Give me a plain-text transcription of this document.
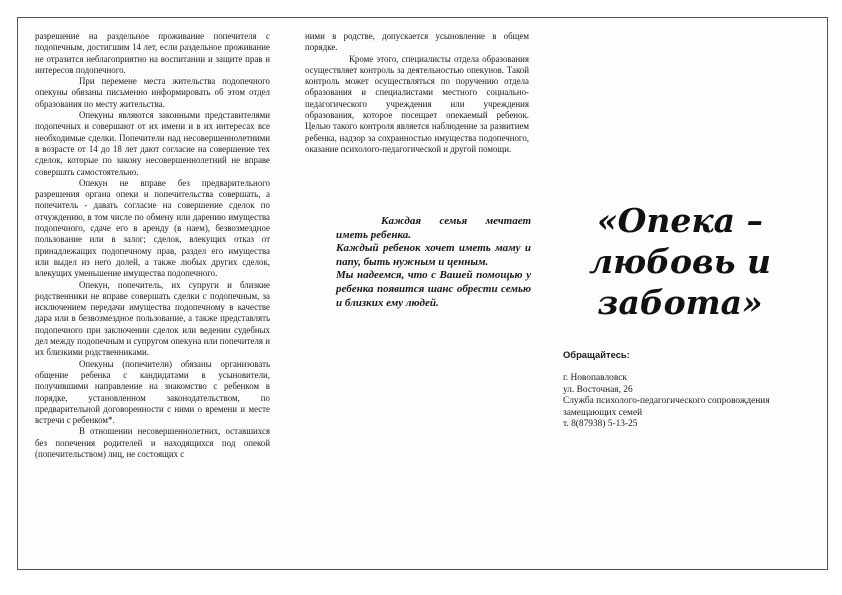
разрешение на раздельное проживание попечителя с подопечным, достигшим 14 лет, если раздельное проживание не отразится неблагоприятно на воспитании и защите прав и интересов подопечного.

При перемене места жительства подопечного опекуны обязаны письменно информировать об этом отдел образования по месту жительства.

Опекуны являются законными представителями подопечных и совершают от их имени и в их интересах все необходимые сделки. Попечители над несовершеннолетними в возрасте от 14 до 18 лет дают согласие на совершение тех сделок, которые по закону несовершеннолетний не вправе совершать самостоятельно.

Опекун не вправе без предварительного разрешения органа опеки и попечительства совершать, а попечитель - давать согласие на совершение сделок по отчуждению, в том числе по обмену или дарению имущества подопечного, сдаче его в аренду (в наем), безвозмездное пользование или в залог; сделок, влекущих отказ от принадлежащих подопечному прав, раздел его имущества или выдел из него долей, а также любых других сделок, влекущих уменьшение имущества подопечного.

Опекун, попечитель, их супруги и близкие родственники не вправе совершать сделки с подопечным, за исключением передачи имущества подопечному в качестве дара или в безвозмездное пользование, а также представлять подопечного при заключении сделок или ведении судебных дел между подопечным и супругом опекуна или попечителя и их близкими родственниками.

Опекуны (попечители) обязаны организовать общение ребенка с кандидатами в усыновители, получившими направление на знакомство с ребенком в порядке, установленном законодательством, по предварительной договоренности с ними о времени и месте встречи с ребенком*.

В отношении несовершеннолетних, оставшихся без попечения родителей и находящихся под опекой (попечительством) лиц, не состоящих с

ними в родстве, допускается усыновление в общем порядке.

Кроме этого, специалисты отдела образования осуществляет контроль за деятельностью опекунов. Такой контроль может осуществляться по поручению отдела образования и специалистами местного социально-педагогического учреждения или учреждения образования, которое посещает опекаемый ребенок. Целью такого контроля является наблюдение за развитием ребенка, надзор за сохранностью имущества подопечного, оказание психолого-педагогической и другой помощи.

Каждая семья мечтает иметь ребенка.

Каждый ребенок хочет иметь маму и папу, быть нужным и ценным.

Мы надеемся, что с Вашей помощью у ребенка появится шанс обрести семью и близких ему людей.

«Опека –
любовь и
забота»
Обращайтесь:
г. Новопавловск
ул. Восточная, 26
Служба психолого-педагогического сопровождения
замещающих семей
т. 8(87938) 5-13-25
